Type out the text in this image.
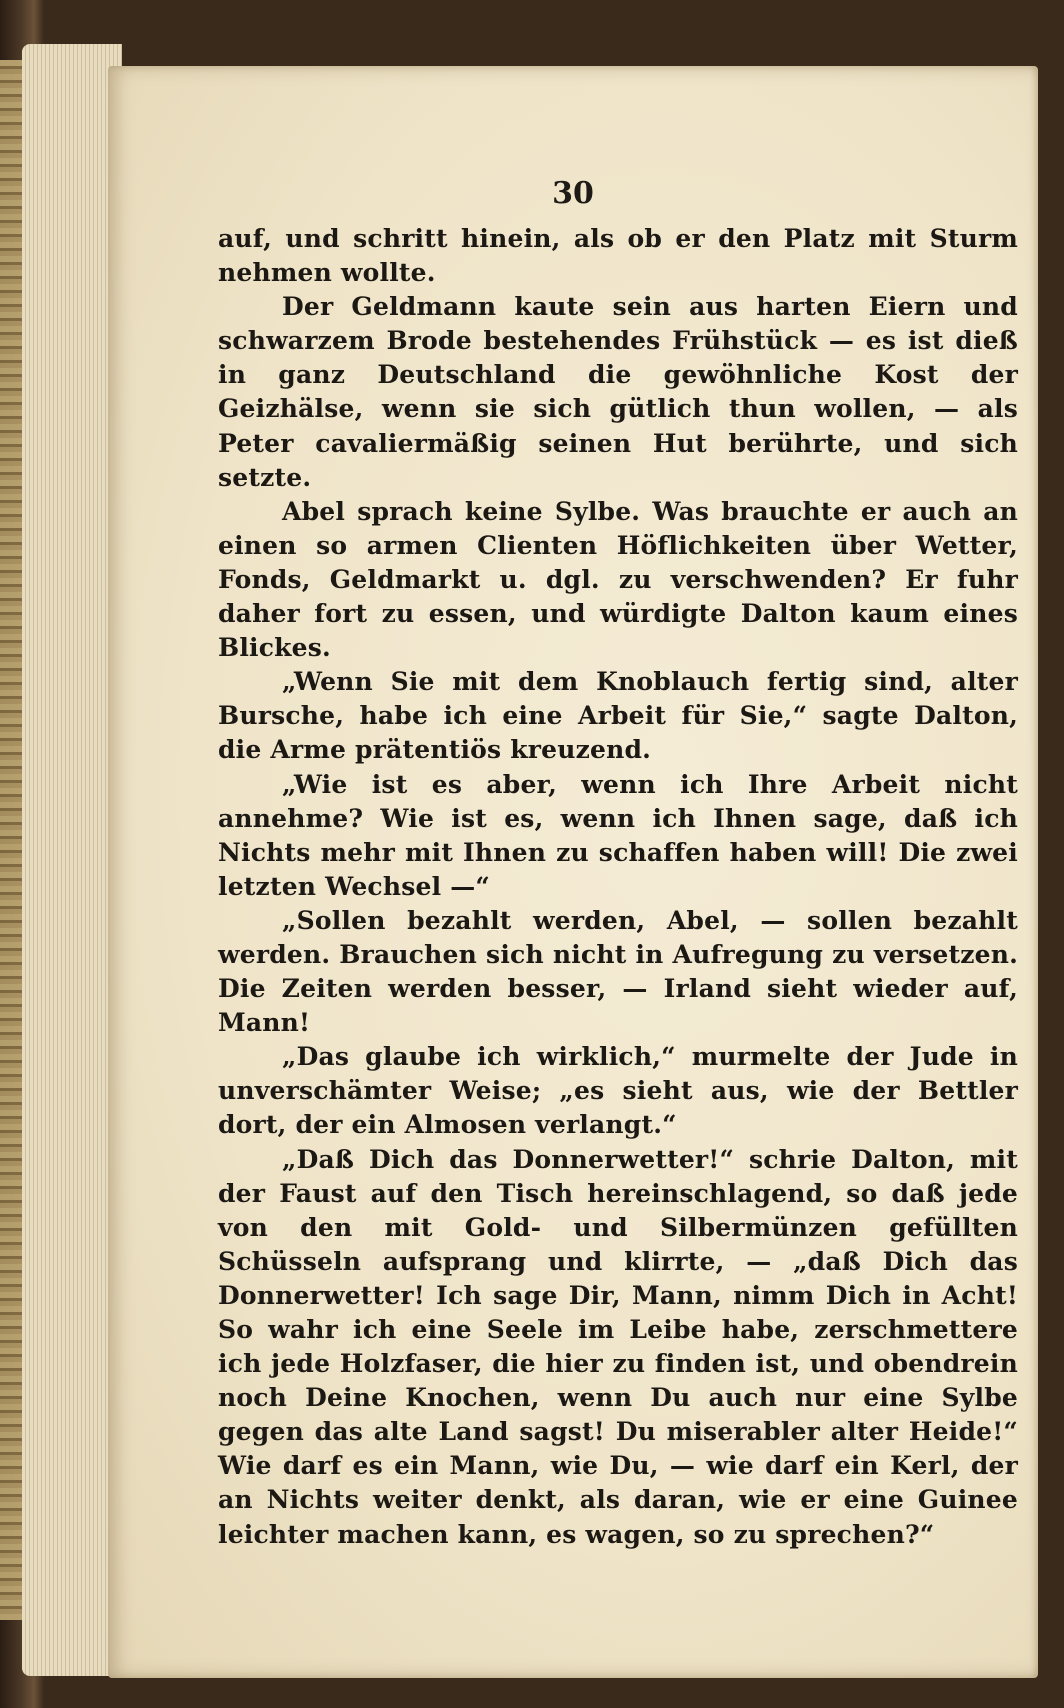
30

auf, und schritt hinein, als ob er den Platz mit Sturm nehmen wollte.

Der Geldmann kaute sein aus harten Eiern und schwarzem Brode bestehendes Frühstück — es ist dieß in ganz Deutschland die gewöhnliche Kost der Geizhälse, wenn sie sich gütlich thun wollen, — als Peter cavaliermäßig seinen Hut berührte, und sich setzte.

Abel sprach keine Sylbe. Was brauchte er auch an einen so armen Clienten Höflichkeiten über Wetter, Fonds, Geldmarkt u. dgl. zu verschwenden? Er fuhr daher fort zu essen, und würdigte Dalton kaum eines Blickes.

„Wenn Sie mit dem Knoblauch fertig sind, alter Bursche, habe ich eine Arbeit für Sie,“ sagte Dalton, die Arme prätentiös kreuzend.

„Wie ist es aber, wenn ich Ihre Arbeit nicht annehme? Wie ist es, wenn ich Ihnen sage, daß ich Nichts mehr mit Ihnen zu schaffen haben will! Die zwei letzten Wechsel —“

„Sollen bezahlt werden, Abel, — sollen bezahlt werden. Brauchen sich nicht in Aufregung zu versetzen. Die Zeiten werden besser, — Irland sieht wieder auf, Mann!

„Das glaube ich wirklich,“ murmelte der Jude in unverschämter Weise; „es sieht aus, wie der Bettler dort, der ein Almosen verlangt.“

„Daß Dich das Donnerwetter!“ schrie Dalton, mit der Faust auf den Tisch hereinschlagend, so daß jede von den mit Gold- und Silbermünzen gefüllten Schüsseln aufsprang und klirrte, — „daß Dich das Donnerwetter! Ich sage Dir, Mann, nimm Dich in Acht! So wahr ich eine Seele im Leibe habe, zerschmettere ich jede Holzfaser, die hier zu finden ist, und obendrein noch Deine Knochen, wenn Du auch nur eine Sylbe gegen das alte Land sagst! Du miserabler alter Heide!“ Wie darf es ein Mann, wie Du, — wie darf ein Kerl, der an Nichts weiter denkt, als daran, wie er eine Guinee leichter machen kann, es wagen, so zu sprechen?“
